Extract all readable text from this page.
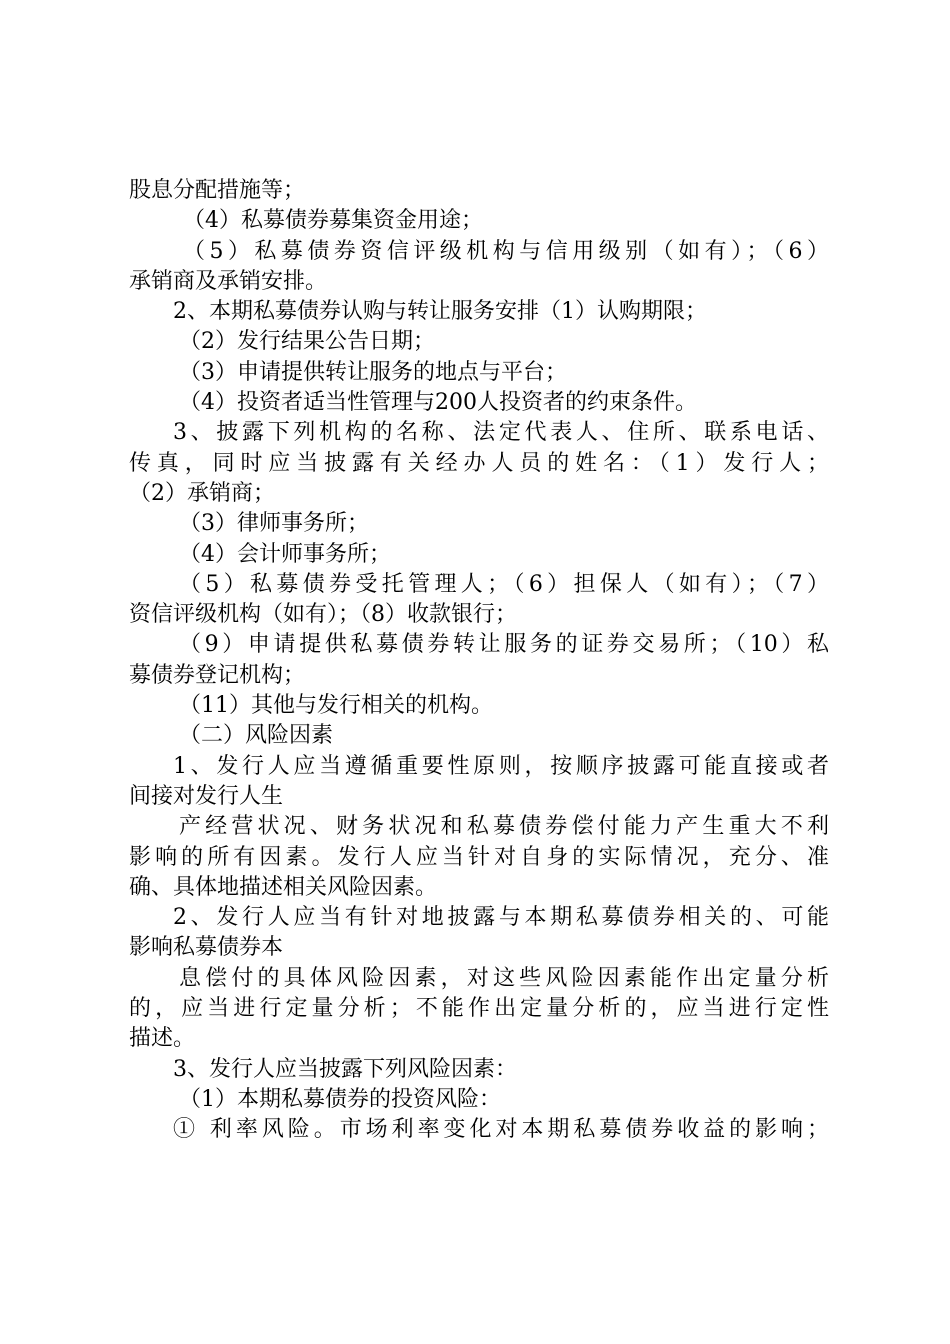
股息分配措施等；
（4）私募债券募集资金用途；
（5）私募债券资信评级机构与信用级别（如有）；（6）
承销商及承销安排。
2、本期私募债券认购与转让服务安排（1）认购期限；
（2）发行结果公告日期；
（3）申请提供转让服务的地点与平台；
（4）投资者适当性管理与200人投资者的约束条件。
3、披露下列机构的名称、法定代表人、住所、联系电话、
传真，同时应当披露有关经办人员的姓名：（1）发行人；
（2）承销商；
（3）律师事务所；
（4）会计师事务所；
（5）私募债券受托管理人；（6）担保人（如有）；（7）
资信评级机构（如有）；（8）收款银行；
（9）申请提供私募债券转让服务的证券交易所；（10）私
募债券登记机构；
（11）其他与发行相关的机构。
（二）风险因素
1、发行人应当遵循重要性原则，按顺序披露可能直接或者
间接对发行人生
产经营状况、财务状况和私募债券偿付能力产生重大不利
影响的所有因素。发行人应当针对自身的实际情况，充分、准
确、具体地描述相关风险因素。
2、发行人应当有针对地披露与本期私募债券相关的、可能
影响私募债券本
息偿付的具体风险因素，对这些风险因素能作出定量分析
的，应当进行定量分析；不能作出定量分析的，应当进行定性
描述。
3、发行人应当披露下列风险因素：
（1）本期私募债券的投资风险：
① 利率风险。市场利率变化对本期私募债券收益的影响；
